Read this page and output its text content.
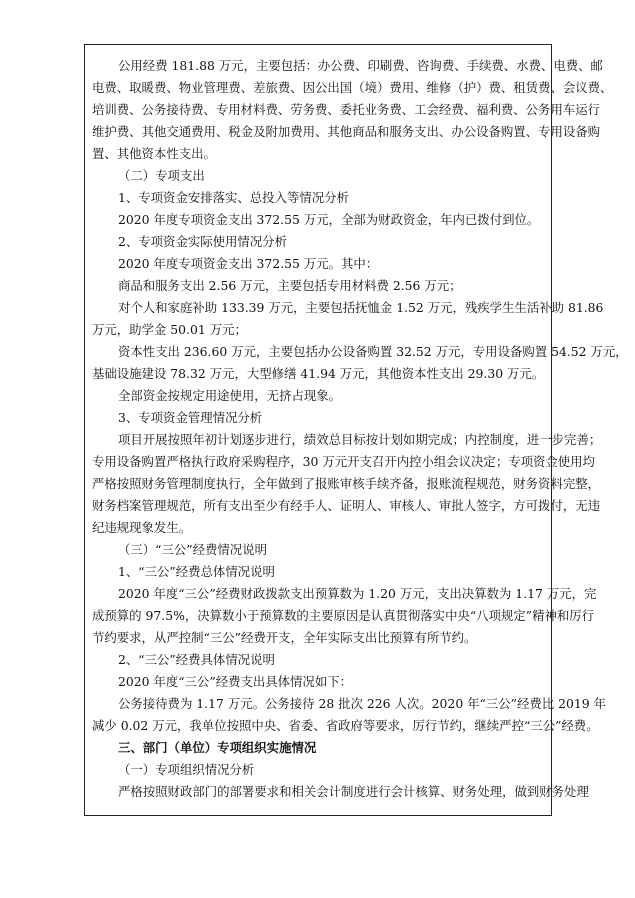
公用经费 181.88 万元，主要包括：办公费、印刷费、咨询费、手续费、水费、电费、邮
电费、取暖费、物业管理费、差旅费、因公出国（境）费用、维修（护）费、租赁费、会议费、
培训费、公务接待费、专用材料费、劳务费、委托业务费、工会经费、福利费、公务用车运行
维护费、其他交通费用、税金及附加费用、其他商品和服务支出、办公设备购置、专用设备购
置、其他资本性支出。
（二）专项支出
1、专项资金安排落实、总投入等情况分析
2020 年度专项资金支出 372.55 万元，全部为财政资金，年内已拨付到位。
2、专项资金实际使用情况分析
2020 年度专项资金支出 372.55 万元。其中：
商品和服务支出 2.56 万元，主要包括专用材料费 2.56 万元；
对个人和家庭补助 133.39 万元，主要包括抚恤金 1.52 万元，残疾学生生活补助 81.86
万元，助学金 50.01 万元；
资本性支出 236.60 万元，主要包括办公设备购置 32.52 万元，专用设备购置 54.52 万元，
基础设施建设 78.32 万元，大型修缮 41.94 万元，其他资本性支出 29.30 万元。
全部资金按规定用途使用，无挤占现象。
3、专项资金管理情况分析
项目开展按照年初计划逐步进行，绩效总目标按计划如期完成；内控制度，进一步完善；
专用设备购置严格执行政府采购程序，30 万元开支召开内控小组会议决定；专项资金使用均
严格按照财务管理制度执行，全年做到了报账审核手续齐备，报账流程规范，财务资料完整，
财务档案管理规范，所有支出至少有经手人、证明人、审核人、审批人签字，方可拨付，无违
纪违规现象发生。
（三）“三公”经费情况说明
1、“三公”经费总体情况说明
2020 年度“三公”经费财政拨款支出预算数为 1.20 万元，支出决算数为 1.17 万元，完
成预算的 97.5%，决算数小于预算数的主要原因是认真贯彻落实中央“八项规定”精神和厉行
节约要求，从严控制“三公”经费开支，全年实际支出比预算有所节约。
2、“三公”经费具体情况说明
2020 年度“三公”经费支出具体情况如下：
公务接待费为 1.17 万元。公务接待 28 批次 226 人次。2020 年“三公”经费比 2019 年
减少 0.02 万元，我单位按照中央、省委、省政府等要求，厉行节约，继续严控“三公”经费。
三、部门（单位）专项组织实施情况
（一）专项组织情况分析
严格按照财政部门的部署要求和相关会计制度进行会计核算、财务处理，做到财务处理
